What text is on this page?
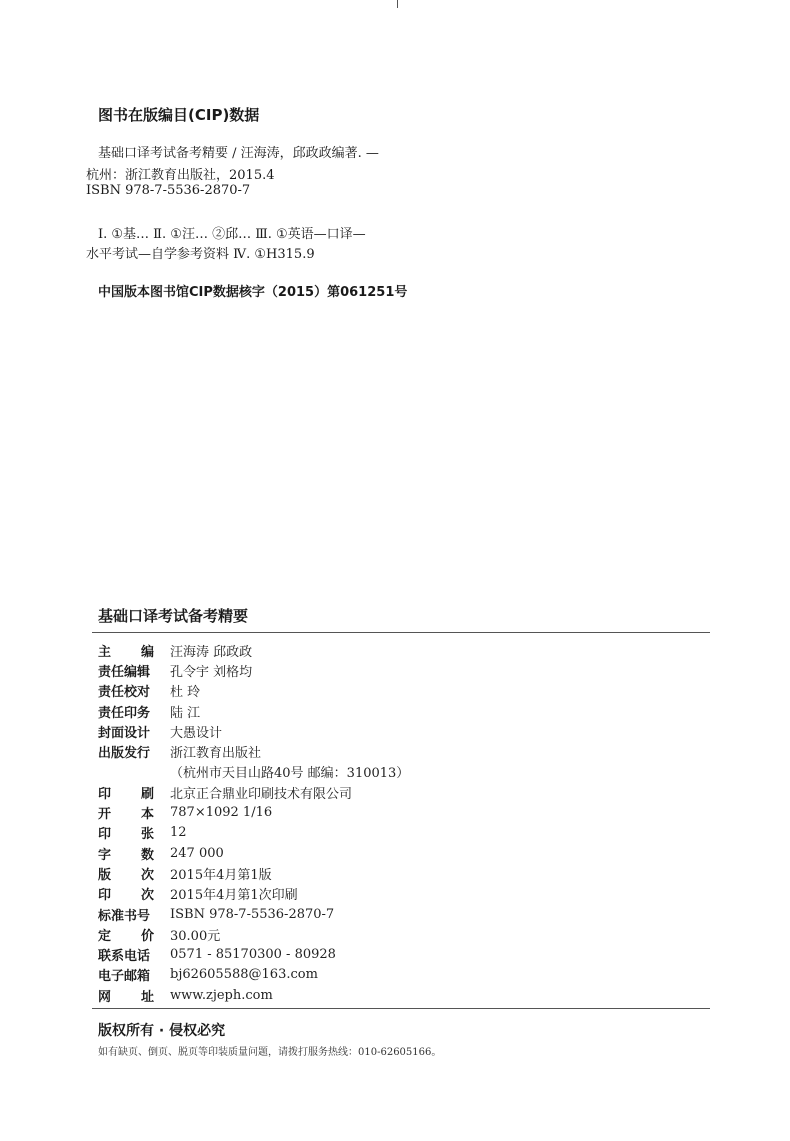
图书在版编目(CIP)数据
基础口译考试备考精要 / 汪海涛，邱政政编著. —
杭州：浙江教育出版社，2015.4
ISBN 978-7-5536-2870-7
Ⅰ. ①基… Ⅱ. ①汪… ②邱… Ⅲ. ①英语—口译—
水平考试—自学参考资料 Ⅳ. ①H315.9
中国版本图书馆CIP数据核字（2015）第061251号
基础口译考试备考精要
主编 汪海涛 邱政政
责任编辑	孔令宇 刘格均
责任校对	杜 玲
责任印务	陆 江
封面设计	大愚设计
出版发行	浙江教育出版社
（杭州市天目山路40号 邮编：310013）
印刷 北京正合鼎业印刷技术有限公司
开本 787×1092 1/16
印张 12
字数 247 000
版次 2015年4月第1版
印次 2015年4月第1次印刷
标准书号	ISBN 978-7-5536-2870-7
定价 30.00元
联系电话	0571 - 85170300 - 80928
电子邮箱	bj62605588@163.com
网址 www.zjeph.com
版权所有 · 侵权必究
如有缺页、倒页、脱页等印装质量问题，请拨打服务热线：010-62605166。
